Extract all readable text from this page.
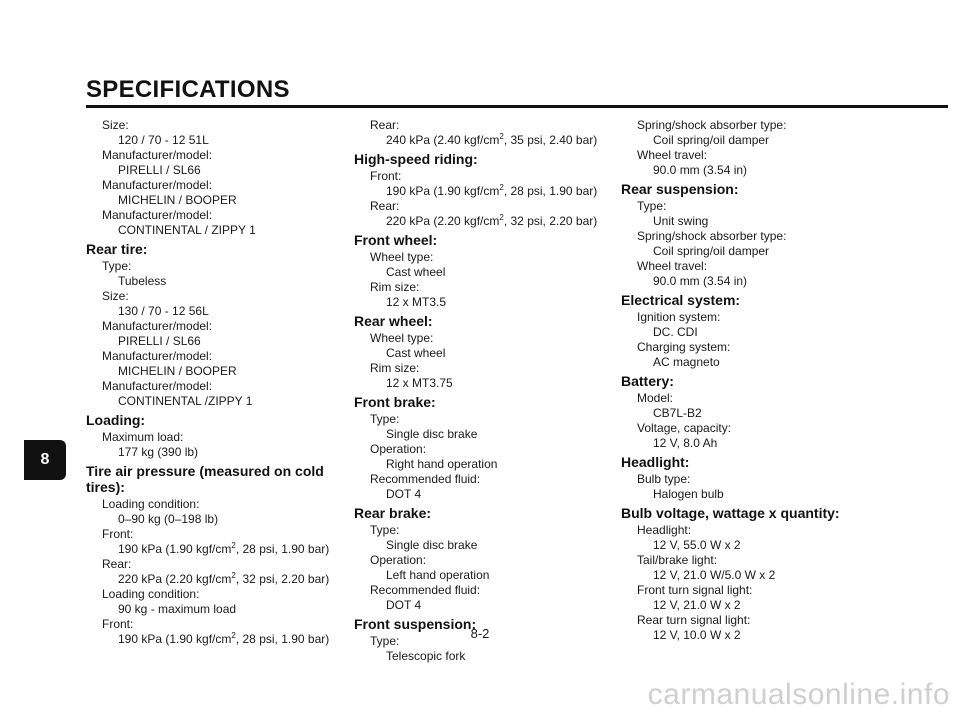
SPECIFICATIONS
8
Size:
120 / 70 - 12 51L
Manufacturer/model:
PIRELLI / SL66
Manufacturer/model:
MICHELIN / BOOPER
Manufacturer/model:
CONTINENTAL / ZIPPY 1
Rear tire:
Type:
Tubeless
Size:
130 / 70 - 12 56L
Manufacturer/model:
PIRELLI / SL66
Manufacturer/model:
MICHELIN / BOOPER
Manufacturer/model:
CONTINENTAL /ZIPPY 1
Loading:
Maximum load:
177 kg (390 lb)
Tire air pressure (measured on cold tires):
Loading condition:
0–90 kg (0–198 lb)
Front:
190 kPa (1.90 kgf/$cm^2$, 28 psi, 1.90 bar)
Rear:
220 kPa (2.20 kgf/$cm^2$, 32 psi, 2.20 bar)
Loading condition:
90 kg - maximum load
Front:
190 kPa (1.90 kgf/$cm^2$, 28 psi, 1.90 bar)
Rear:
240 kPa (2.40 kgf/$cm^2$, 35 psi, 2.40 bar)
High-speed riding:
Front:
190 kPa (1.90 kgf/$cm^2$, 28 psi, 1.90 bar)
Rear:
220 kPa (2.20 kgf/$cm^2$, 32 psi, 2.20 bar)
Front wheel:
Wheel type:
Cast wheel
Rim size:
12 x MT3.5
Rear wheel:
Wheel type:
Cast wheel
Rim size:
12 x MT3.75
Front brake:
Type:
Single disc brake
Operation:
Right hand operation
Recommended fluid:
DOT 4
Rear brake:
Type:
Single disc brake
Operation:
Left hand operation
Recommended fluid:
DOT 4
Front suspension:
Type:
Telescopic fork
Spring/shock absorber type:
Coil spring/oil damper
Wheel travel:
90.0 mm (3.54 in)
Rear suspension:
Type:
Unit swing
Spring/shock absorber type:
Coil spring/oil damper
Wheel travel:
90.0 mm (3.54 in)
Electrical system:
Ignition system:
DC. CDI
Charging system:
AC magneto
Battery:
Model:
CB7L-B2
Voltage, capacity:
12 V, 8.0 Ah
Headlight:
Bulb type:
Halogen bulb
Bulb voltage, wattage x quantity:
Headlight:
12 V, 55.0 W x 2
Tail/brake light:
12 V, 21.0 W/5.0 W x 2
Front turn signal light:
12 V, 21.0 W x 2
Rear turn signal light:
12 V, 10.0 W x 2
8-2
carmanualsonline.info
